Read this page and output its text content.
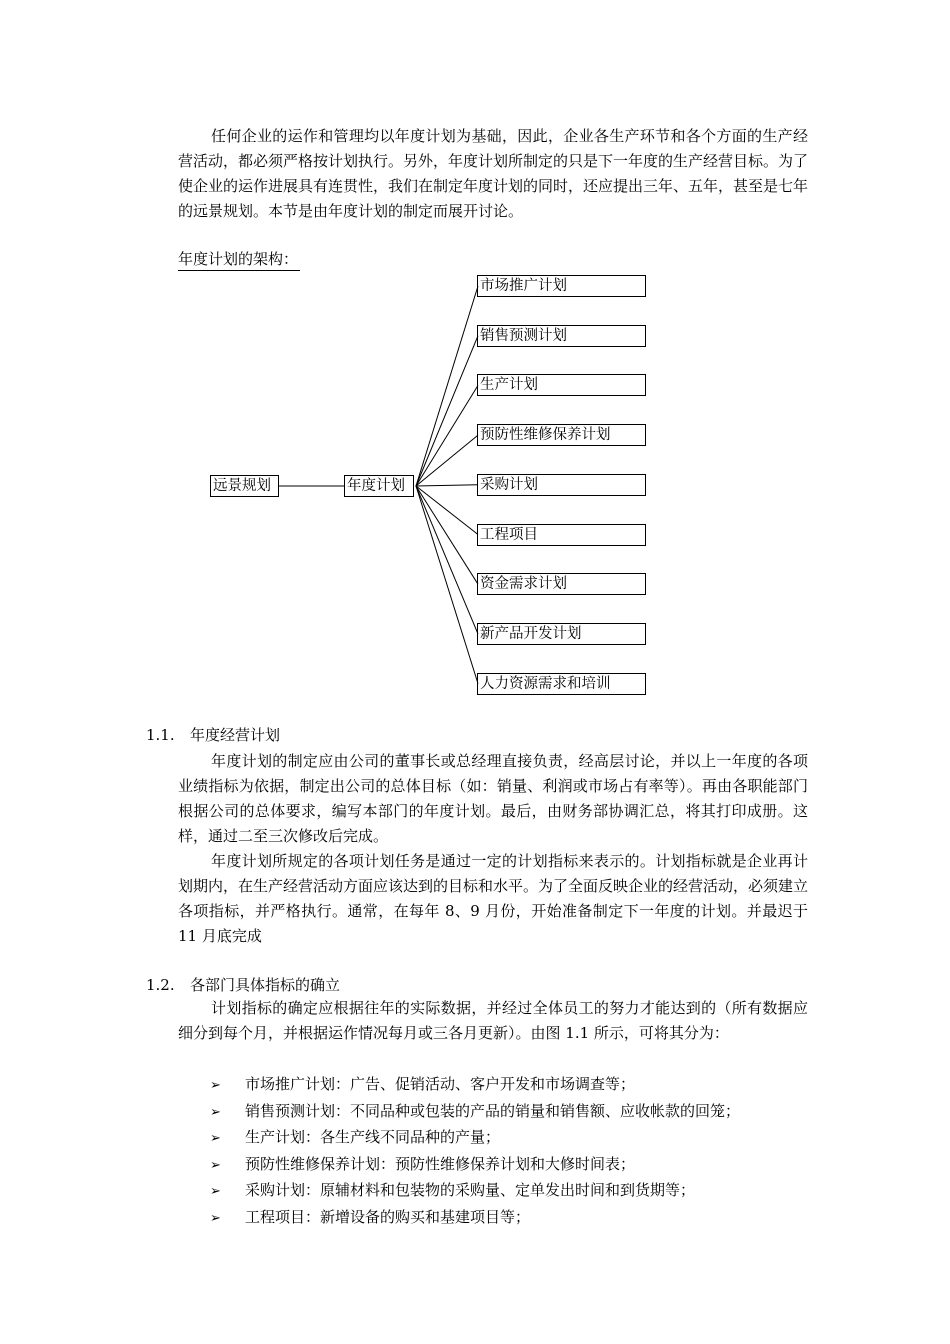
任何企业的运作和管理均以年度计划为基础，因此，企业各生产环节和各个方面的生产经营活动，都必须严格按计划执行。另外，年度计划所制定的只是下一年度的生产经营目标。为了使企业的运作进展具有连贯性，我们在制定年度计划的同时，还应提出三年、五年，甚至是七年的远景规划。本节是由年度计划的制定而展开讨论。

年度计划的架构：
远景规划	年度计划
市场推广计划
销售预测计划
生产计划
预防性维修保养计划
采购计划
工程项目
资金需求计划
新产品开发计划
人力资源需求和培训
1.1. 年度经营计划

年度计划的制定应由公司的董事长或总经理直接负责，经高层讨论，并以上一年度的各项业绩指标为依据，制定出公司的总体目标（如：销量、利润或市场占有率等）。再由各职能部门根据公司的总体要求，编写本部门的年度计划。最后，由财务部协调汇总，将其打印成册。这样，通过二至三次修改后完成。

年度计划所规定的各项计划任务是通过一定的计划指标来表示的。计划指标就是企业再计划期内，在生产经营活动方面应该达到的目标和水平。为了全面反映企业的经营活动，必须建立各项指标，并严格执行。通常，在每年 8、9 月份，开始准备制定下一年度的计划。并最迟于 11 月底完成

1.2. 各部门具体指标的确立

计划指标的确定应根据往年的实际数据，并经过全体员工的努力才能达到的（所有数据应细分到每个月，并根据运作情况每月或三各月更新）。由图 1.1 所示，可将其分为：

➢ 市场推广计划：广告、促销活动、客户开发和市场调查等；
➢ 销售预测计划：不同品种或包装的产品的销量和销售额、应收帐款的回笼；
➢ 生产计划：各生产线不同品种的产量；
➢ 预防性维修保养计划：预防性维修保养计划和大修时间表；
➢ 采购计划：原辅材料和包装物的采购量、定单发出时间和到货期等；
➢ 工程项目：新增设备的购买和基建项目等；
